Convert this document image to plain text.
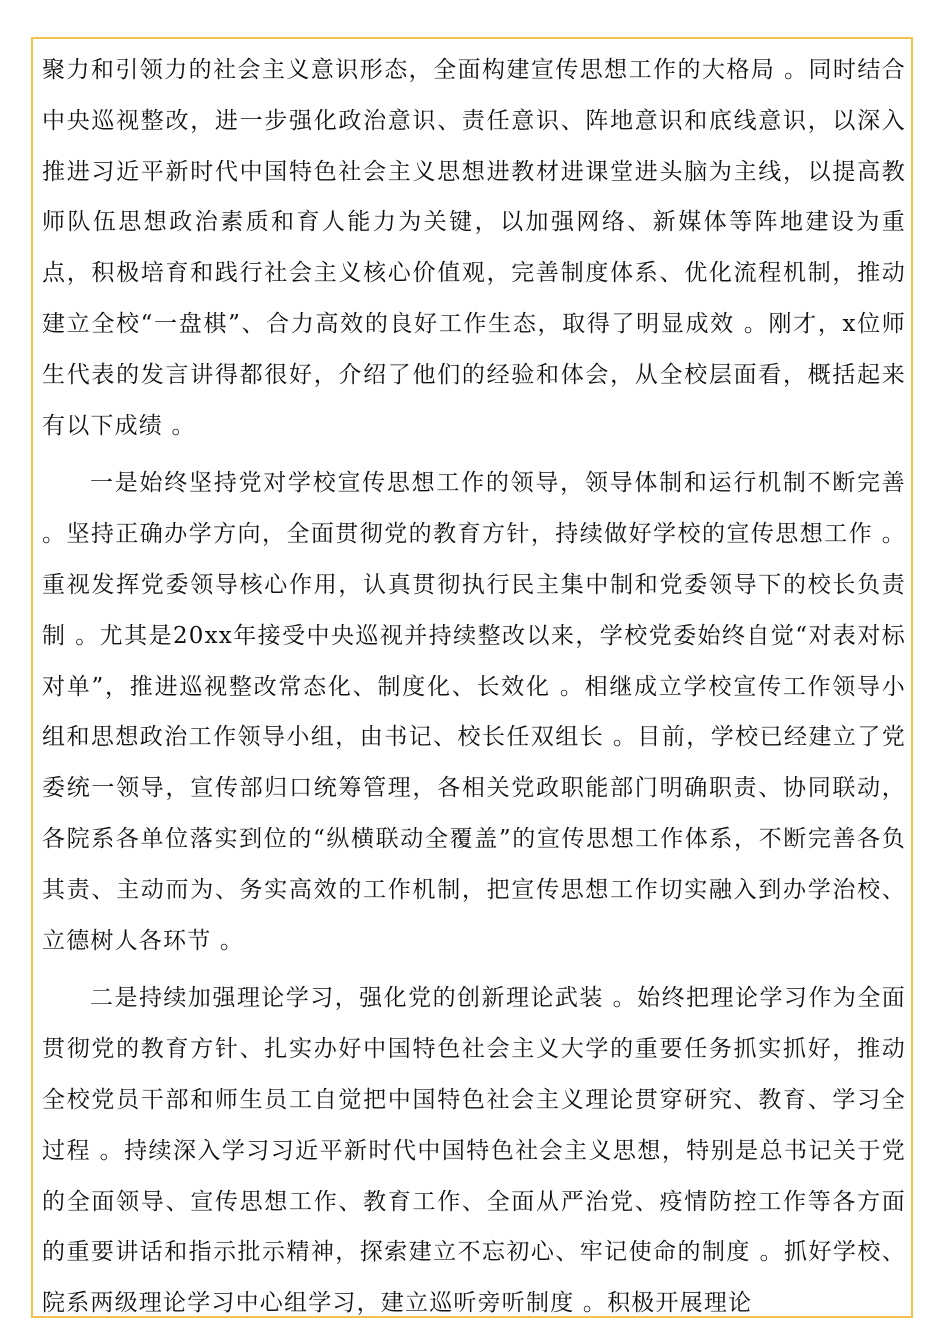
聚力和引领力的社会主义意识形态，全面构建宣传思想工作的大格局 。同时结合中央巡视整改，进一步强化政治意识、责任意识、阵地意识和底线意识，以深入推进习近平新时代中国特色社会主义思想进教材进课堂进头脑为主线，以提高教师队伍思想政治素质和育人能力为关键，以加强网络、新媒体等阵地建设为重点，积极培育和践行社会主义核心价值观，完善制度体系、优化流程机制，推动建立全校“一盘棋”、合力高效的良好工作生态，取得了明显成效 。刚才，x位师生代表的发言讲得都很好，介绍了他们的经验和体会，从全校层面看，概括起来有以下成绩 。

一是始终坚持党对学校宣传思想工作的领导，领导体制和运行机制不断完善 。坚持正确办学方向，全面贯彻党的教育方针，持续做好学校的宣传思想工作 。重视发挥党委领导核心作用，认真贯彻执行民主集中制和党委领导下的校长负责制 。尤其是20xx年接受中央巡视并持续整改以来，学校党委始终自觉“对表对标对单”，推进巡视整改常态化、制度化、长效化 。相继成立学校宣传工作领导小组和思想政治工作领导小组，由书记、校长任双组长 。目前，学校已经建立了党委统一领导，宣传部归口统筹管理，各相关党政职能部门明确职责、协同联动，各院系各单位落实到位的“纵横联动全覆盖”的宣传思想工作体系，不断完善各负其责、主动而为、务实高效的工作机制，把宣传思想工作切实融入到办学治校、立德树人各环节 。

二是持续加强理论学习，强化党的创新理论武装 。始终把理论学习作为全面贯彻党的教育方针、扎实办好中国特色社会主义大学的重要任务抓实抓好，推动全校党员干部和师生员工自觉把中国特色社会主义理论贯穿研究、教育、学习全过程 。持续深入学习习近平新时代中国特色社会主义思想，特别是总书记关于党的全面领导、宣传思想工作、教育工作、全面从严治党、疫情防控工作等各方面的重要讲话和指示批示精神，探索建立不忘初心、牢记使命的制度 。抓好学校、院系两级理论学习中心组学习，建立巡听旁听制度 。积极开展理论
